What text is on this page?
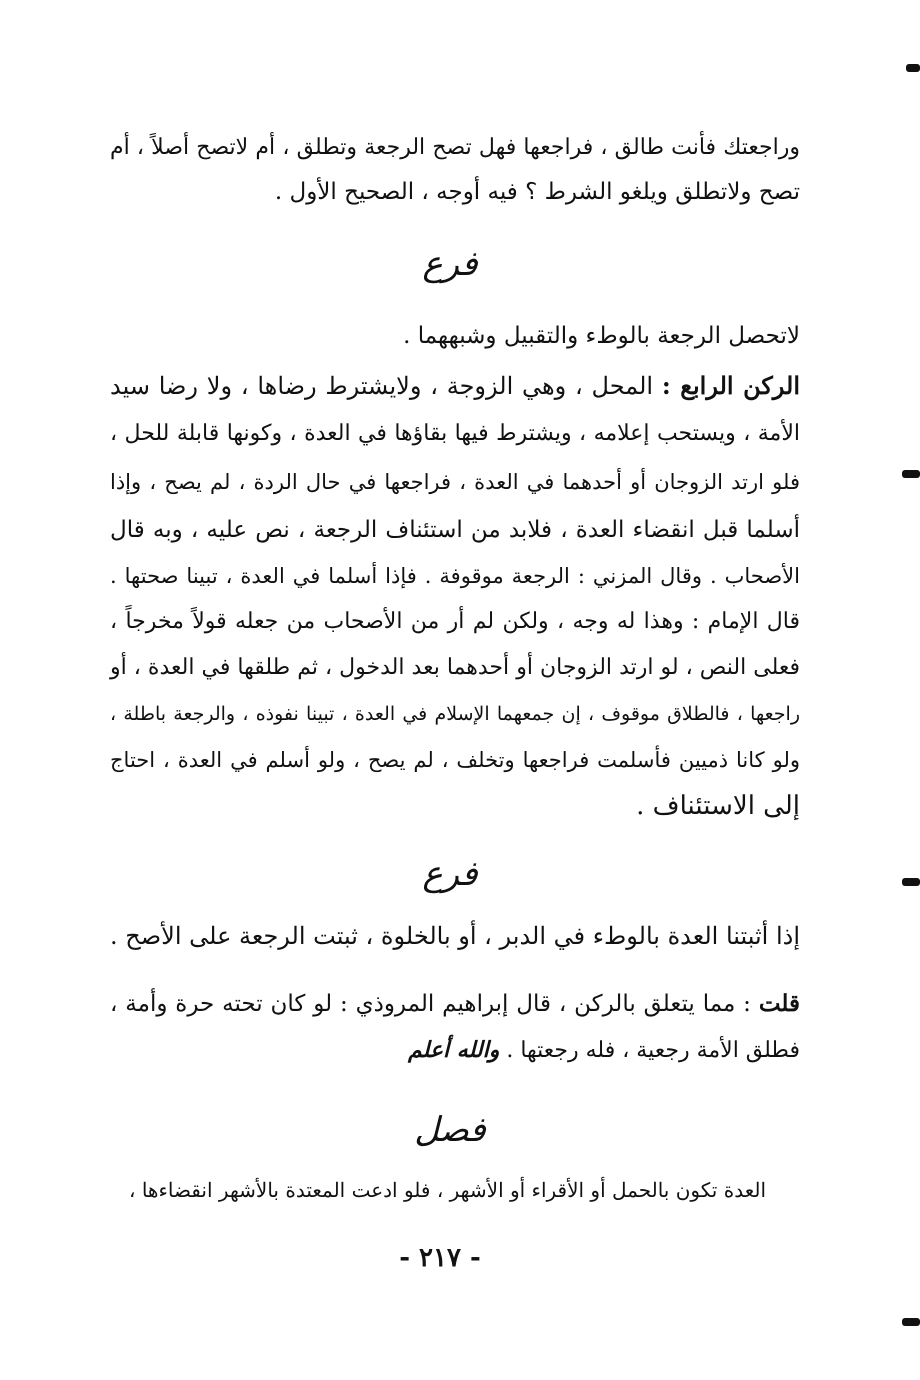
وراجعتك فأنت طالق ، فراجعها فهل تصح الرجعة وتطلق ، أم لاتصح أصلاً ، أم
تصح ولاتطلق ويلغو الشرط ؟ فيه أوجه ، الصحيح الأول .
فرع
لاتحصل الرجعة بالوطء والتقبيل وشبههما .
الركن الرابع : المحل ، وهي الزوجة ، ولايشترط رضاها ، ولا رضا سيد
الأمة ، ويستحب إعلامه ، ويشترط فيها بقاؤها في العدة ، وكونها قابلة للحل ،
فلو ارتد الزوجان أو أحدهما في العدة ، فراجعها في حال الردة ، لم يصح ، وإذا
أسلما قبل انقضاء العدة ، فلابد من استئناف الرجعة ، نص عليه ، وبه قال
الأصحاب . وقال المزني : الرجعة موقوفة . فإذا أسلما في العدة ، تبينا صحتها .
قال الإمام : وهذا له وجه ، ولكن لم أر من الأصحاب من جعله قولاً مخرجاً ،
فعلى النص ، لو ارتد الزوجان أو أحدهما بعد الدخول ، ثم طلقها في العدة ، أو
راجعها ، فالطلاق موقوف ، إن جمعهما الإسلام في العدة ، تبينا نفوذه ، والرجعة باطلة ،
ولو كانا ذميين فأسلمت فراجعها وتخلف ، لم يصح ، ولو أسلم في العدة ، احتاج
إلى الاستئناف .
فرع
إذا أثبتنا العدة بالوطء في الدبر ، أو بالخلوة ، ثبتت الرجعة على الأصح .
قلت : مما يتعلق بالركن ، قال إبراهيم المروذي : لو كان تحته حرة وأمة ،
فطلق الأمة رجعية ، فله رجعتها . والله أعلم
فصل
العدة تكون بالحمل أو الأقراء أو الأشهر ، فلو ادعت المعتدة بالأشهر انقضاءها ،
- ٢١٧ -
